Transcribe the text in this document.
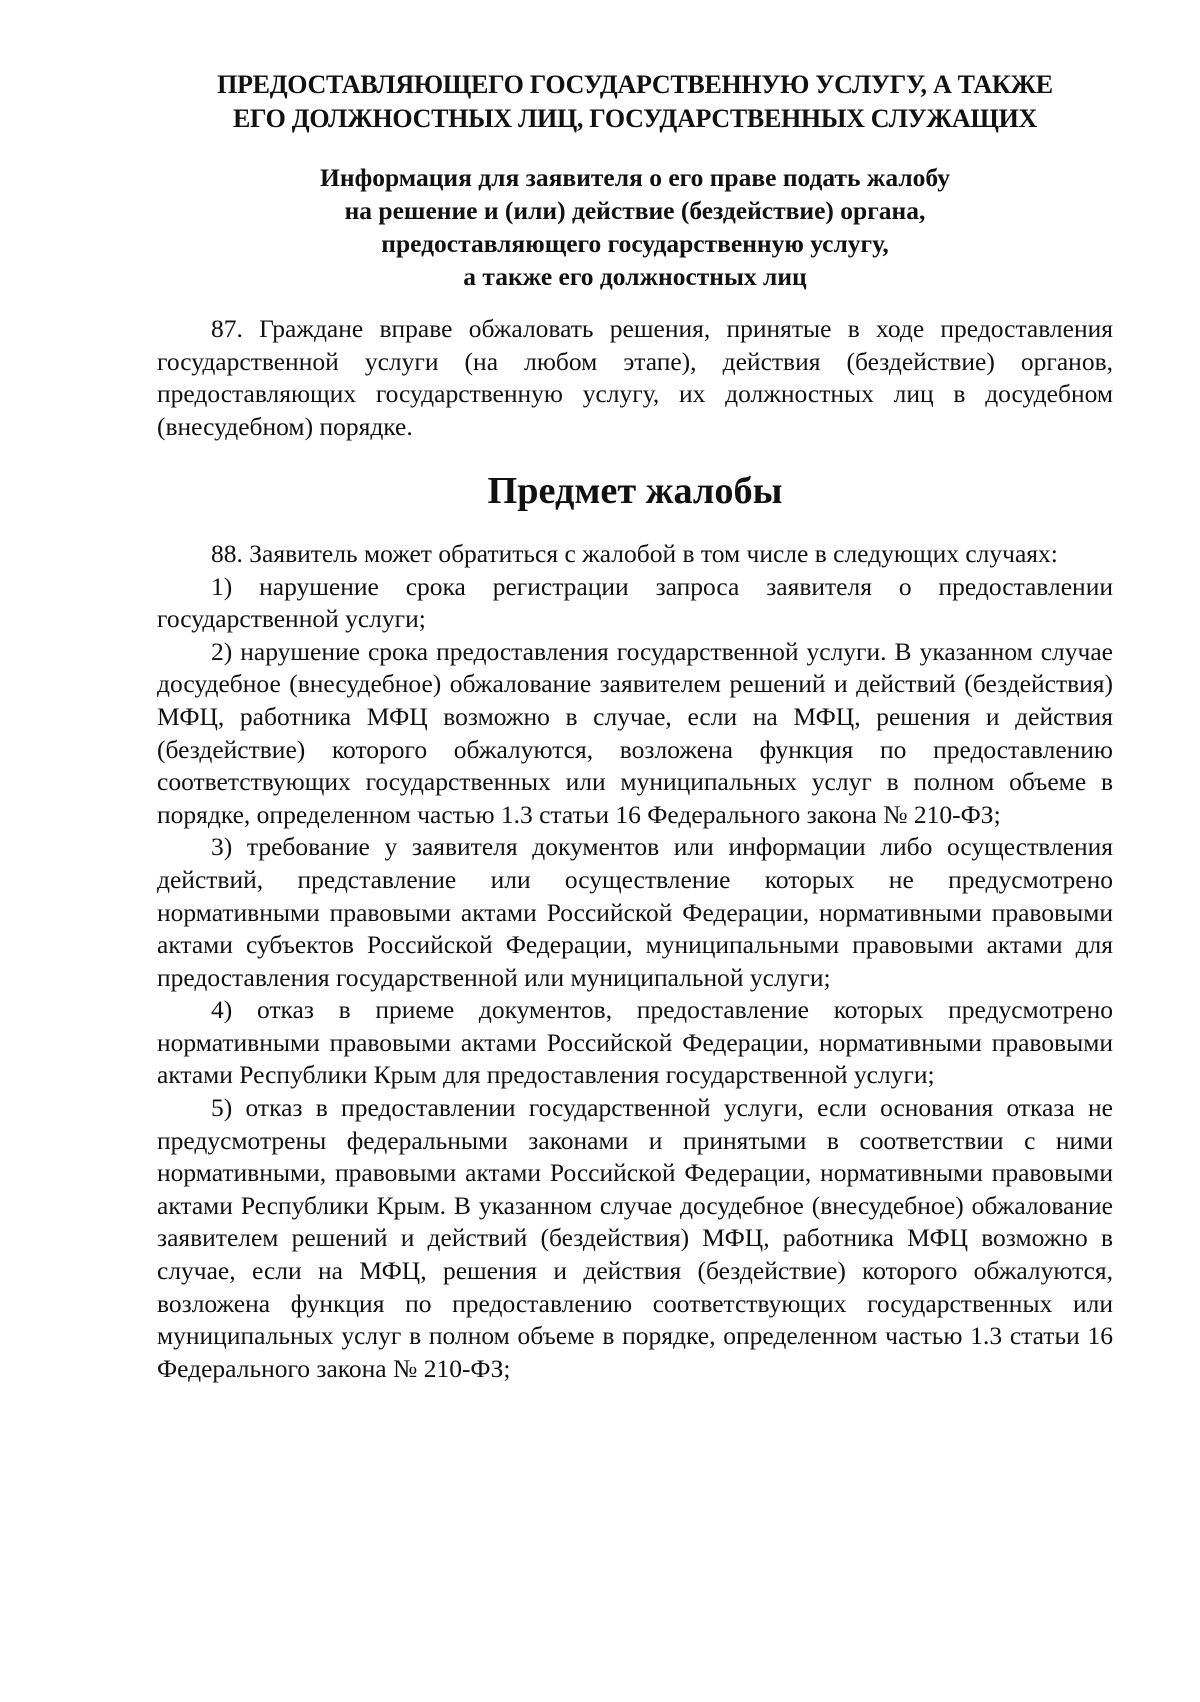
ПРЕДОСТАВЛЯЮЩЕГО ГОСУДАРСТВЕННУЮ УСЛУГУ, А ТАКЖЕ
ЕГО ДОЛЖНОСТНЫХ ЛИЦ, ГОСУДАРСТВЕННЫХ СЛУЖАЩИХ
Информация для заявителя о его праве подать жалобу
на решение и (или) действие (бездействие) органа,
предоставляющего государственную услугу,
а также его должностных лиц

87. Граждане вправе обжаловать решения, принятые в ходе предоставления государственной услуги (на любом этапе), действия (бездействие) органов, предоставляющих государственную услугу, их должностных лиц в досудебном (внесудебном) порядке.

Предмет жалобы

88. Заявитель может обратиться с жалобой в том числе в следующих случаях:

1) нарушение срока регистрации запроса заявителя о предоставлении государственной услуги;

2) нарушение срока предоставления государственной услуги. В указанном случае досудебное (внесудебное) обжалование заявителем решений и действий (бездействия) МФЦ, работника МФЦ возможно в случае, если на МФЦ, решения и действия (бездействие) которого обжалуются, возложена функция по предоставлению соответствующих государственных или муниципальных услуг в полном объеме в порядке, определенном частью 1.3 статьи 16 Федерального закона № 210-ФЗ;

3) требование у заявителя документов или информации либо осуществления действий, представление или осуществление которых не предусмотрено нормативными правовыми актами Российской Федерации, нормативными правовыми актами субъектов Российской Федерации, муниципальными правовыми актами для предоставления государственной или муниципальной услуги;

4) отказ в приеме документов, предоставление которых предусмотрено нормативными правовыми актами Российской Федерации, нормативными правовыми актами Республики Крым для предоставления государственной услуги;

5) отказ в предоставлении государственной услуги, если основания отказа не предусмотрены федеральными законами и принятыми в соответствии с ними нормативными, правовыми актами Российской Федерации, нормативными правовыми актами Республики Крым. В указанном случае досудебное (внесудебное) обжалование заявителем решений и действий (бездействия) МФЦ, работника МФЦ возможно в случае, если на МФЦ, решения и действия (бездействие) которого обжалуются, возложена функция по предоставлению соответствующих государственных или муниципальных услуг в полном объеме в порядке, определенном частью 1.3 статьи 16 Федерального закона № 210-ФЗ;
